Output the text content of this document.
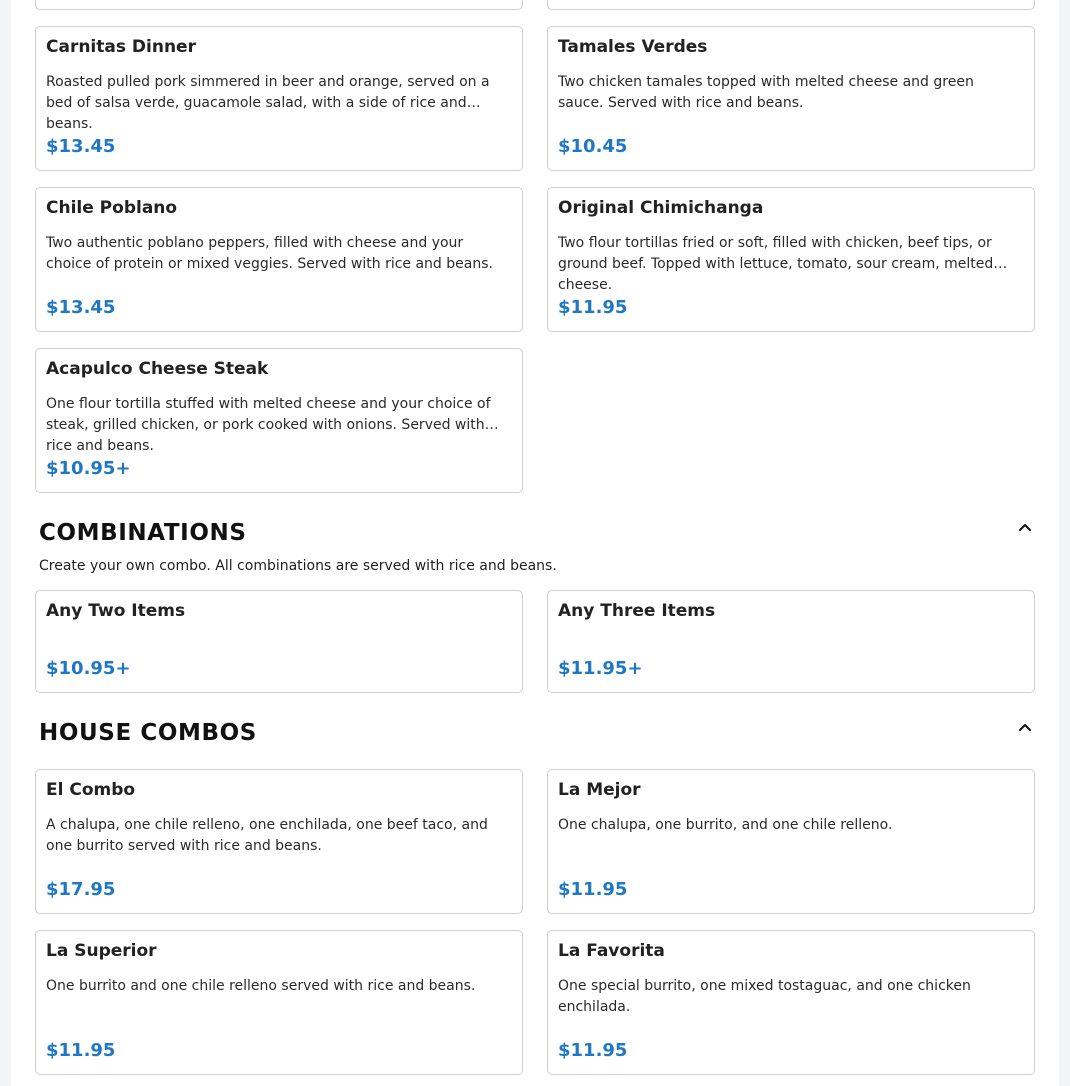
Carnitas Dinner
Roasted pulled pork simmered in beer and orange, served on a bed of salsa verde, guacamole salad, with a side of rice and beans.
$13.45
Tamales Verdes
Two chicken tamales topped with melted cheese and green sauce. Served with rice and beans.
$10.45
Chile Poblano
Two authentic poblano peppers, filled with cheese and your choice of protein or mixed veggies. Served with rice and beans.
$13.45
Original Chimichanga
Two flour tortillas fried or soft, filled with chicken, beef tips, or ground beef. Topped with lettuce, tomato, sour cream, melted cheese.
$11.95
Acapulco Cheese Steak
One flour tortilla stuffed with melted cheese and your choice of steak, grilled chicken, or pork cooked with onions. Served with rice and beans.
$10.95+
COMBINATIONS
Create your own combo. All combinations are served with rice and beans.
Any Two Items
$10.95+
Any Three Items
$11.95+
HOUSE COMBOS
El Combo
A chalupa, one chile relleno, one enchilada, one beef taco, and one burrito served with rice and beans.
$17.95
La Mejor
One chalupa, one burrito, and one chile relleno.
$11.95
La Superior
One burrito and one chile relleno served with rice and beans.
$11.95
La Favorita
One special burrito, one mixed tostaguac, and one chicken enchilada.
$11.95
